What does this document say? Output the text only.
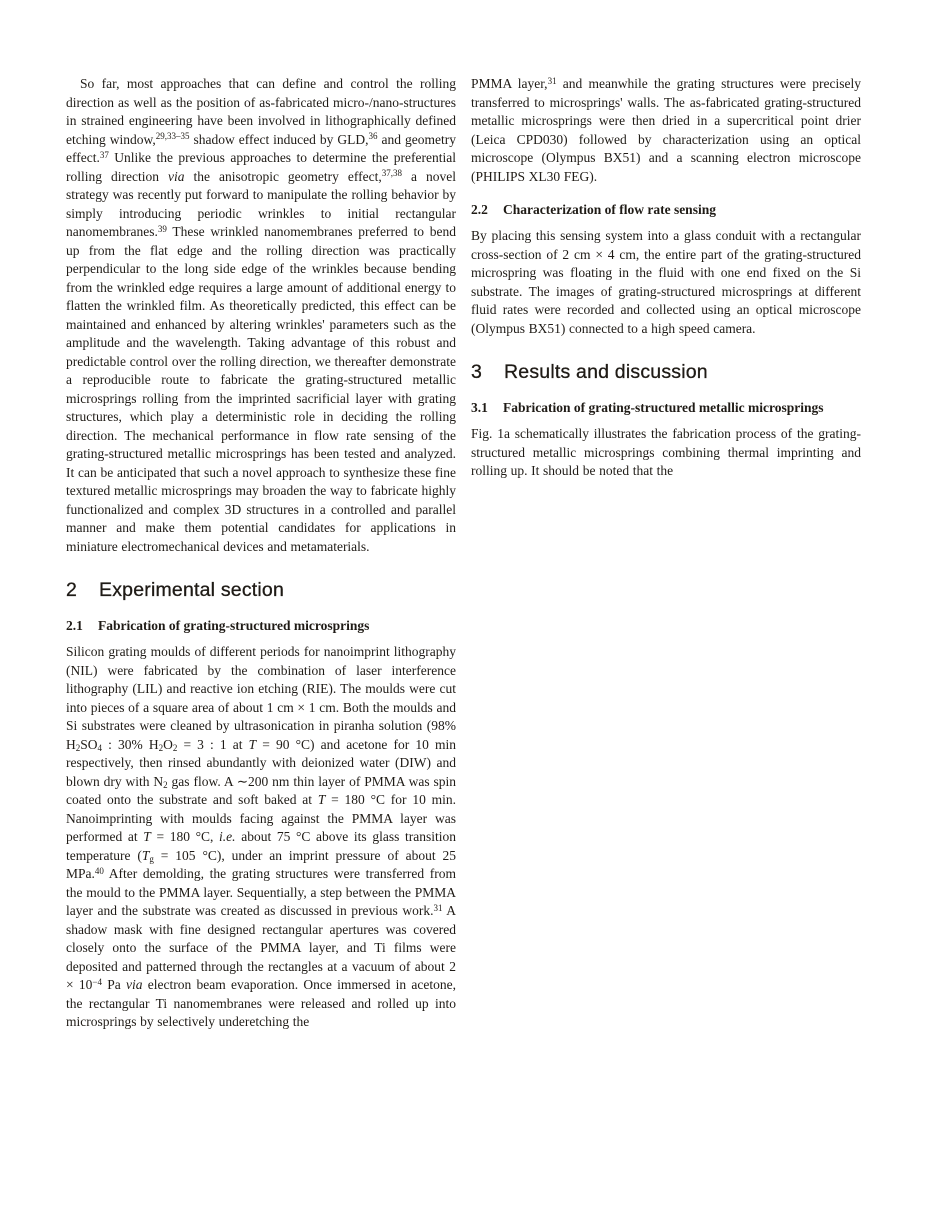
So far, most approaches that can define and control the rolling direction as well as the position of as-fabricated micro-/nano-structures in strained engineering have been involved in lithographically defined etching window,$^{29,33-35}$ shadow effect induced by GLD,$^{36}$ and geometry effect.$^{37}$ Unlike the previous approaches to determine the preferential rolling direction via the anisotropic geometry effect,$^{37,38}$ a novel strategy was recently put forward to manipulate the rolling behavior by simply introducing periodic wrinkles to initial rectangular nanomembranes.$^{39}$ These wrinkled nanomembranes preferred to bend up from the flat edge and the rolling direction was practically perpendicular to the long side edge of the wrinkles because bending from the wrinkled edge requires a large amount of additional energy to flatten the wrinkled film. As theoretically predicted, this effect can be maintained and enhanced by altering wrinkles' parameters such as the amplitude and the wavelength. Taking advantage of this robust and predictable control over the rolling direction, we thereafter demonstrate a reproducible route to fabricate the grating-structured metallic microsprings rolling from the imprinted sacrificial layer with grating structures, which play a deterministic role in deciding the rolling direction. The mechanical performance in flow rate sensing of the grating-structured metallic microsprings has been tested and analyzed. It can be anticipated that such a novel approach to synthesize these fine textured metallic microsprings may broaden the way to fabricate highly functionalized and complex 3D structures in a controlled and parallel manner and make them potential candidates for applications in miniature electromechanical devices and metamaterials.

2	Experimental section
2.1	Fabrication of grating-structured microsprings

Silicon grating moulds of different periods for nanoimprint lithography (NIL) were fabricated by the combination of laser interference lithography (LIL) and reactive ion etching (RIE). The moulds were cut into pieces of a square area of about 1 cm × 1 cm. Both the moulds and Si substrates were cleaned by ultrasonication in piranha solution (98% $H_2SO_4$ : 30% $H_2O_2 = 3$ : 1 at T = 90 °C) and acetone for 10 min respectively, then rinsed abundantly with deionized water (DIW) and blown dry with $N_2$ gas flow. A ∼200 nm thin layer of PMMA was spin coated onto the substrate and soft baked at T = 180 °C for 10 min. Nanoimprinting with moulds facing against the PMMA layer was performed at T = 180 °C, i.e. about 75 °C above its glass transition temperature ($T_g = 105$ °C), under an imprint pressure of about 25 MPa.$^{40}$ After demolding, the grating structures were transferred from the mould to the PMMA layer. Sequentially, a step between the PMMA layer and the substrate was created as discussed in previous work.$^{31}$ A shadow mask with fine designed rectangular apertures was covered closely onto the surface of the PMMA layer, and Ti films were deposited and patterned through the rectangles at a vacuum of about $2 \times 10^{-4}$ Pa via electron beam evaporation. Once immersed in acetone, the rectangular Ti nanomembranes were released and rolled up into microsprings by selectively underetching the

PMMA layer,$^{31}$ and meanwhile the grating structures were precisely transferred to microsprings' walls. The as-fabricated grating-structured metallic microsprings were then dried in a supercritical point drier (Leica CPD030) followed by characterization using an optical microscope (Olympus BX51) and a scanning electron microscope (PHILIPS XL30 FEG).

2.2	Characterization of flow rate sensing

By placing this sensing system into a glass conduit with a rectangular cross-section of 2 cm × 4 cm, the entire part of the grating-structured microspring was floating in the fluid with one end fixed on the Si substrate. The images of grating-structured microsprings at different fluid rates were recorded and collected using an optical microscope (Olympus BX51) connected to a high speed camera.

3	Results and discussion
3.1	Fabrication of grating-structured metallic microsprings

Fig. 1a schematically illustrates the fabrication process of the grating-structured metallic microsprings combining thermal imprinting and rolling up. It should be noted that the
